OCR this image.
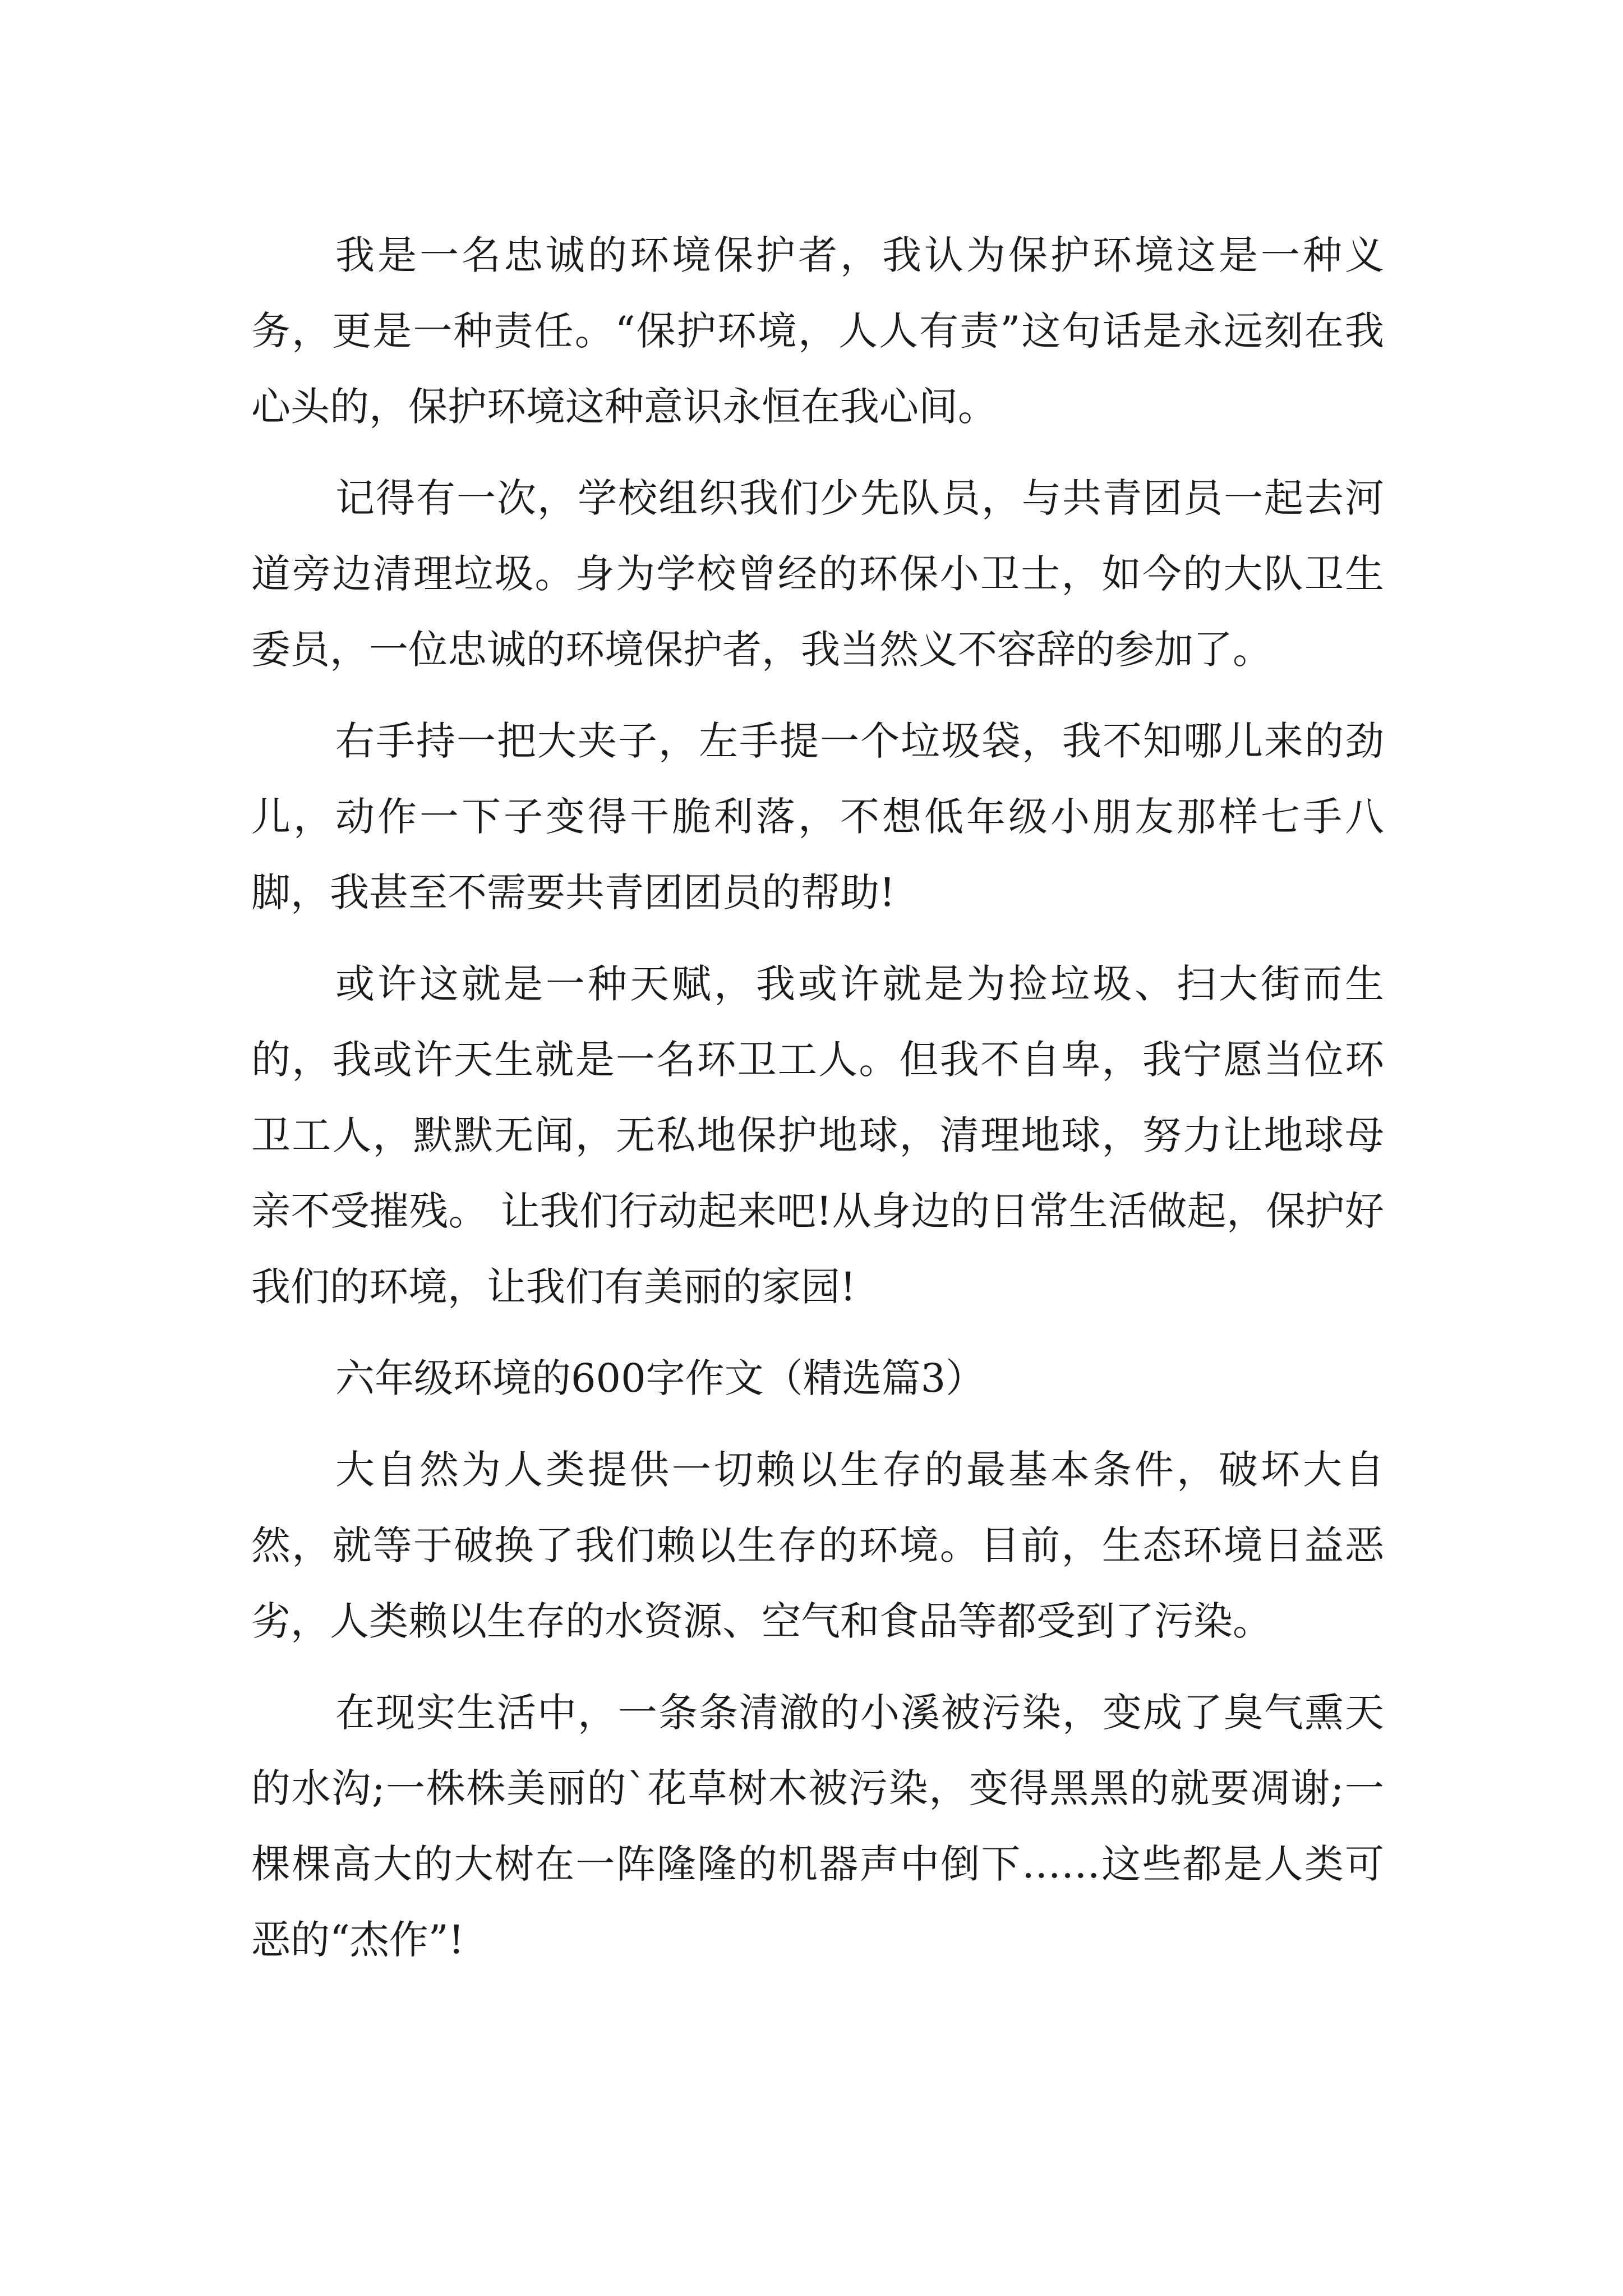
我是一名忠诚的环境保护者，我认为保护环境这是一种义务，更是一种责任。“保护环境，人人有责”这句话是永远刻在我心头的，保护环境这种意识永恒在我心间。

记得有一次，学校组织我们少先队员，与共青团员一起去河道旁边清理垃圾。身为学校曾经的环保小卫士，如今的大队卫生委员，一位忠诚的环境保护者，我当然义不容辞的参加了。

右手持一把大夹子，左手提一个垃圾袋，我不知哪儿来的劲儿，动作一下子变得干脆利落，不想低年级小朋友那样七手八脚，我甚至不需要共青团团员的帮助!

或许这就是一种天赋，我或许就是为捡垃圾、扫大街而生的，我或许天生就是一名环卫工人。但我不自卑，我宁愿当位环卫工人，默默无闻，无私地保护地球，清理地球，努力让地球母亲不受摧残。 让我们行动起来吧!从身边的日常生活做起，保护好我们的环境，让我们有美丽的家园!

六年级环境的600字作文（精选篇3）

大自然为人类提供一切赖以生存的最基本条件，破坏大自然，就等于破换了我们赖以生存的环境。目前，生态环境日益恶劣，人类赖以生存的水资源、空气和食品等都受到了污染。

在现实生活中，一条条清澈的小溪被污染，变成了臭气熏天的水沟;一株株美丽的`花草树木被污染，变得黑黑的就要凋谢;一棵棵高大的大树在一阵隆隆的机器声中倒下……这些都是人类可恶的“杰作”!
